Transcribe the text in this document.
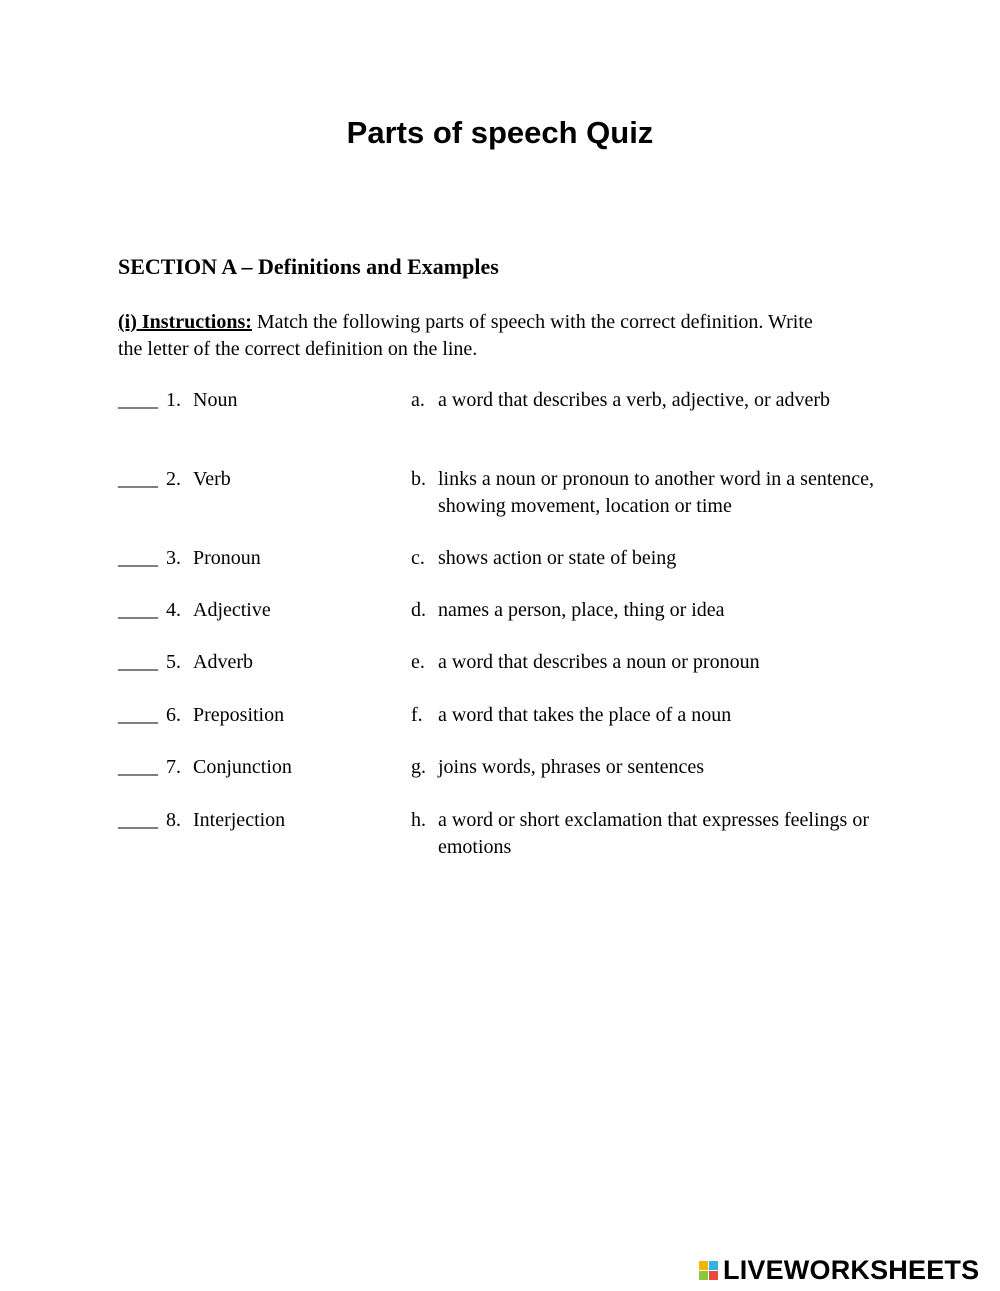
Parts of speech Quiz
SECTION A – Definitions and Examples
(i) Instructions: Match the following parts of speech with the correct definition. Write the letter of the correct definition on the line.
____ 1. Noun	a. a word that describes a verb, adjective, or adverb
____ 2. Verb	b. links a noun or pronoun to another word in a sentence, showing movement, location or time
____ 3. Pronoun	c. shows action or state of being
____ 4. Adjective	d. names a person, place, thing or idea
____ 5. Adverb	e. a word that describes a noun or pronoun
____ 6. Preposition	f. a word that takes the place of a noun
____ 7. Conjunction	g. joins words, phrases or sentences
____ 8. Interjection	h. a word or short exclamation that expresses feelings or emotions
LIVEWORKSHEETS
